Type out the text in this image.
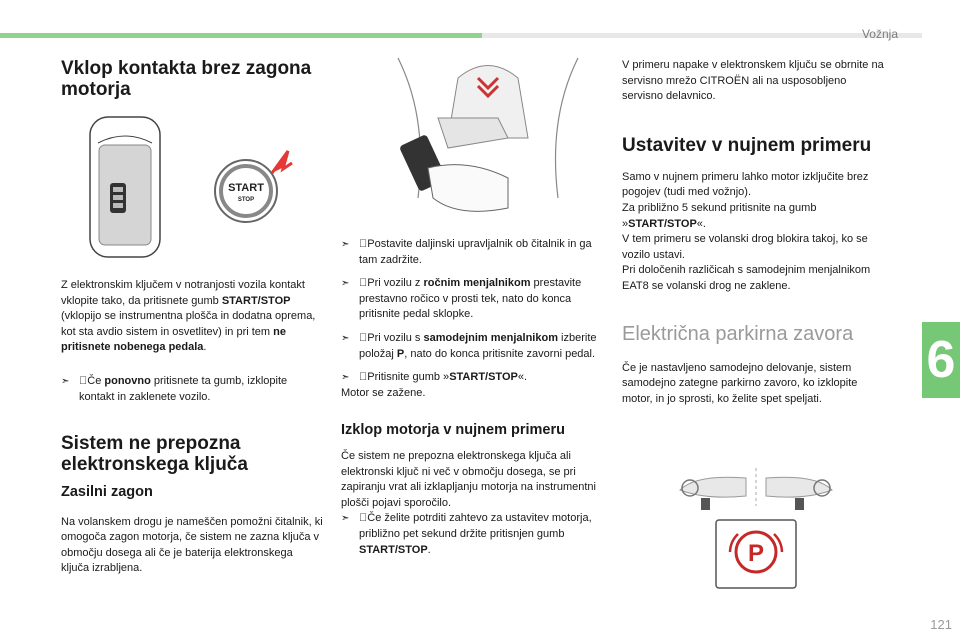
Vožnja
6
Vklop kontakta brez zagona motorja
START
STOP

Z elektronskim ključem v notranjosti vozila kontakt vklopite tako, da pritisnete gumb START/STOP (vklopijo se instrumentna plošča in dodatna oprema, kot sta avdio sistem in osvetlitev) in pri tem ne pritisnete nobenega pedala.

➣ Če ponovno pritisnete ta gumb, izklopite kontakt in zaklenete vozilo.
Sistem ne prepozna elektronskega ključa
Zasilni zagon

Na volanskem drogu je nameščen pomožni čitalnik, ki omogoča zagon motorja, če sistem ne zazna ključa v območju dosega ali če je baterija elektronskega ključa izrabljena.

➣ Postavite daljinski upravljalnik ob čitalnik in ga tam zadržite.
➣ Pri vozilu z ročnim menjalnikom prestavite prestavno ročico v prosti tek, nato do konca pritisnite pedal sklopke.
➣ Pri vozilu s samodejnim menjalnikom izberite položaj P, nato do konca pritisnite zavorni pedal.
➣ Pritisnite gumb »START/STOP«.

Motor se zažene.

Izklop motorja v nujnem primeru

Če sistem ne prepozna elektronskega ključa ali elektronski ključ ni več v območju dosega, se pri zapiranju vrat ali izklapljanju motorja na instrumentni plošči pojavi sporočilo.

➣ Če želite potrditi zahtevo za ustavitev motorja, približno pet sekund držite pritisnjen gumb START/STOP.

V primeru napake v elektronskem ključu se obrnite na servisno mrežo CITROËN ali na usposobljeno servisno delavnico.

Ustavitev v nujnem primeru

Samo v nujnem primeru lahko motor izključite brez pogojev (tudi med vožnjo).

Za približno 5 sekund pritisnite na gumb »START/STOP«.

V tem primeru se volanski drog blokira takoj, ko se vozilo ustavi.

Pri določenih različicah s samodejnim menjalnikom EAT8 se volanski drog ne zaklene.

Električna parkirna zavora

Če je nastavljeno samodejno delovanje, sistem samodejno zategne parkirno zavoro, ko izklopite motor, in jo sprosti, ko želite spet speljati.

P
121
